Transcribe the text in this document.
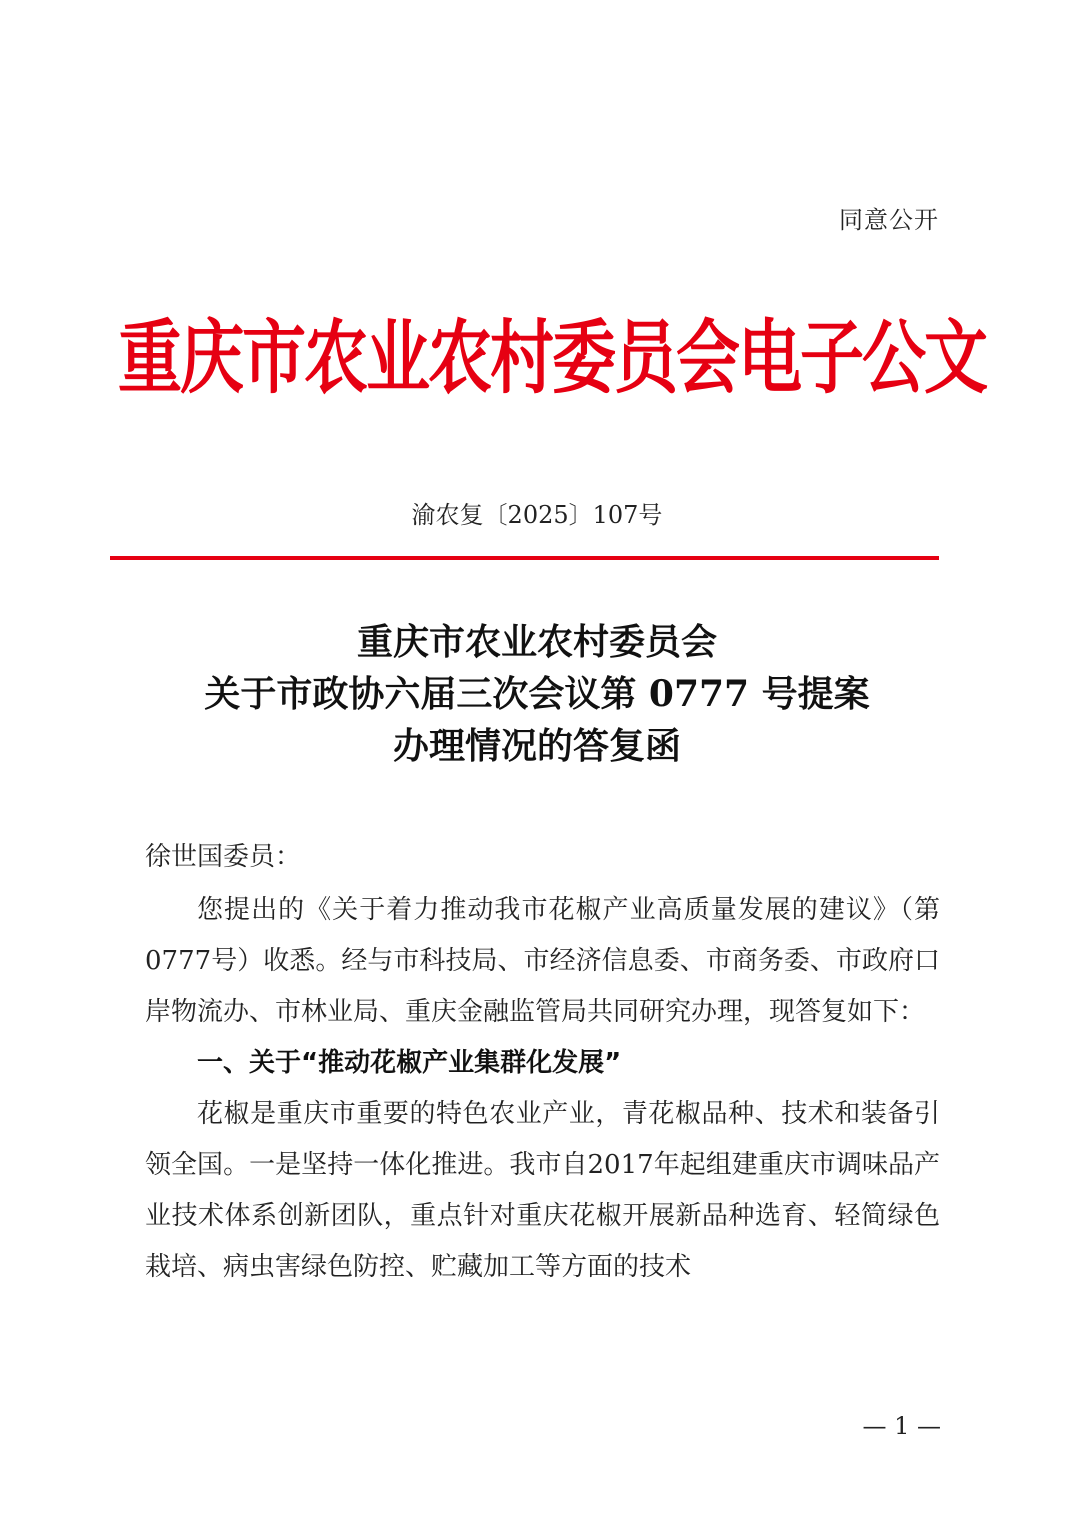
同意公开
重庆市农业农村委员会电子公文
渝农复〔2025〕107号
重庆市农业农村委员会
关于市政协六届三次会议第 0777 号提案
办理情况的答复函
徐世国委员：

您提出的《关于着力推动我市花椒产业高质量发展的建议》（第0777号）收悉。经与市科技局、市经济信息委、市商务委、市政府口岸物流办、市林业局、重庆金融监管局共同研究办理，现答复如下：

一、关于“推动花椒产业集群化发展”

花椒是重庆市重要的特色农业产业，青花椒品种、技术和装备引领全国。一是坚持一体化推进。我市自2017年起组建重庆市调味品产业技术体系创新团队，重点针对重庆花椒开展新品种选育、轻简绿色栽培、病虫害绿色防控、贮藏加工等方面的技术

— 1 —
